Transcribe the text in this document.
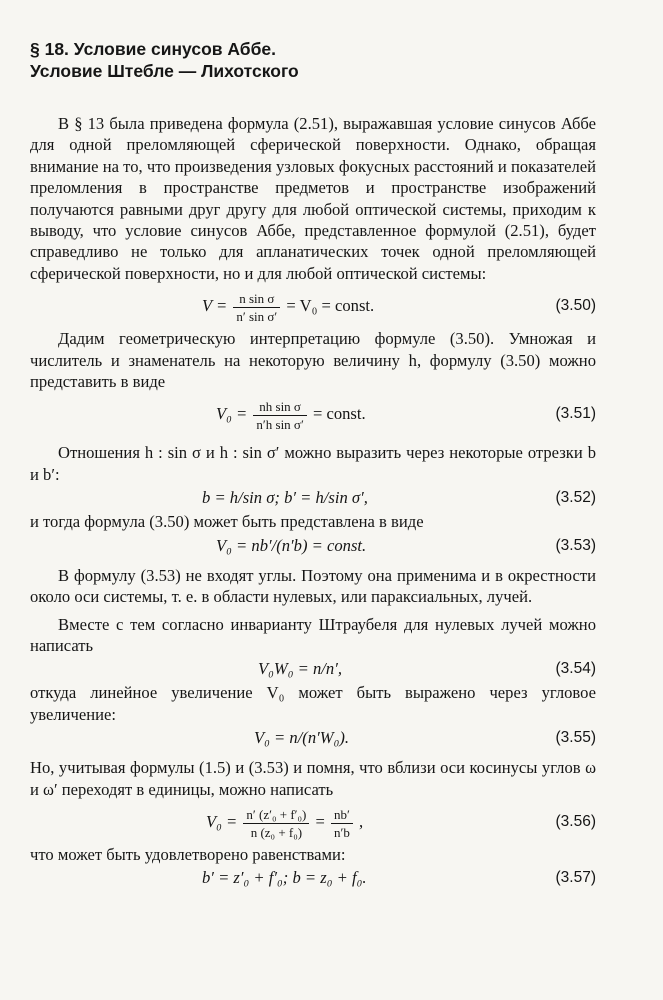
§ 18. Условие синусов Аббе.
Условие Штебле — Лихотского

В § 13 была приведена формула (2.51), выражавшая условие синусов Аббе для одной преломляющей сферической поверхности. Однако, обращая внимание на то, что произведения узловых фокусных расстояний и показателей преломления в пространстве предметов и пространстве изображений получаются равными друг другу для любой оптической системы, приходим к выводу, что условие синусов Аббе, представленное формулой (2.51), будет справедливо не только для апланатических точек одной преломляющей сферической поверхности, но и для любой оптической системы:

$V = \frac{\text{n sin σ}}{\text{n′ sin σ′}} = V_0$ = const.	(3.50)

Дадим геометрическую интерпретацию формуле (3.50). Умножая и числитель и знаменатель на некоторую величину h, формулу (3.50) можно представить в виде

$V_0 = \frac{\text{nh sin σ}}{\text{n′h sin σ′}}$ = const.	(3.51)

Отношения h : sin σ и h : sin σ′ можно выразить через некоторые отрезки b и b′:

b = h/sin σ; b′ = h/sin σ′,	(3.52)

и тогда формула (3.50) может быть представлена в виде

V₀ = nb′/(n′b) = const.	(3.53)

В формулу (3.53) не входят углы. Поэтому она применима и в окрестности около оси системы, т. е. в области нулевых, или параксиальных, лучей.

Вместе с тем согласно инварианту Штраубеля для нулевых лучей можно написать

V₀W₀ = n/n′,	(3.54)

откуда линейное увеличение V₀ может быть выражено через угловое увеличение:

V₀ = n/(n′W₀).	(3.55)

Но, учитывая формулы (1.5) и (3.53) и помня, что вблизи оси косинусы углов ω и ω′ переходят в единицы, можно написать

$V_0 = \frac{\text{n′ (z′₀ + f′₀)}}{\text{n (z₀ + f₀)}} = \frac{nb'}{n'b}$ ,	(3.56)

что может быть удовлетворено равенствами:

b′ = z′₀ + f′₀; b = z₀ + f₀.	(3.57)
